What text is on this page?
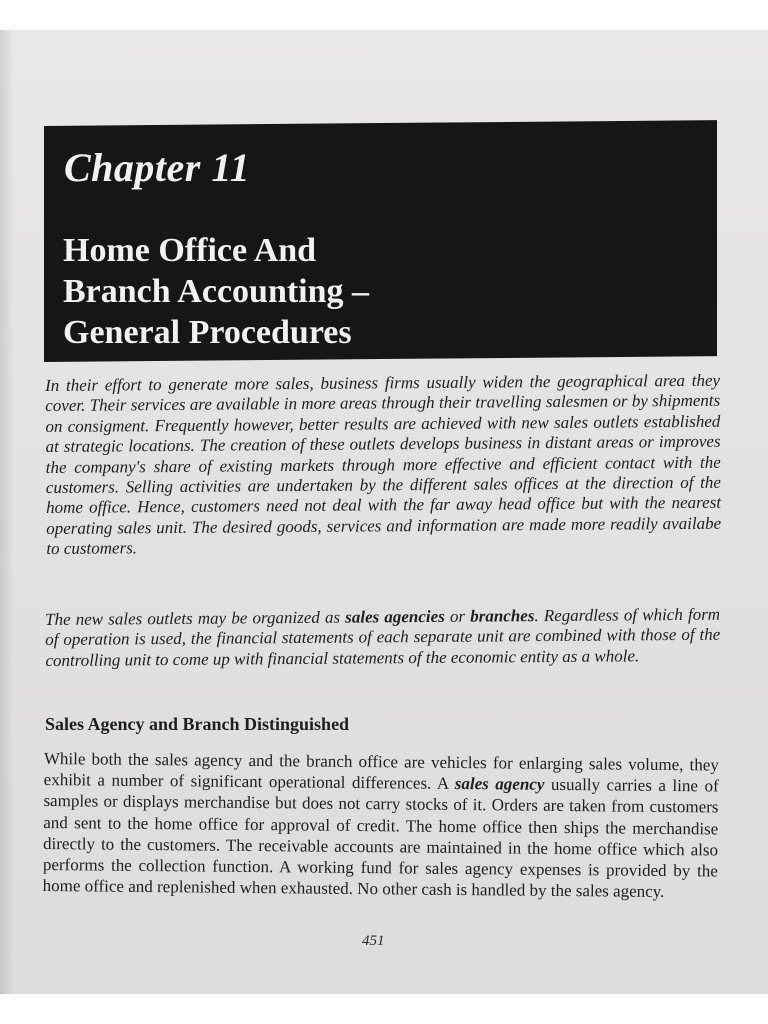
Chapter 11
Home Office And
Branch Accounting –
General Procedures

In their effort to generate more sales, business firms usually widen the geographical area they cover. Their services are available in more areas through their travelling salesmen or by shipments on consigment. Frequently however, better results are achieved with new sales outlets established at strategic locations. The creation of these outlets develops business in distant areas or improves the company's share of existing markets through more effective and efficient contact with the customers. Selling activities are undertaken by the different sales offices at the direction of the home office. Hence, customers need not deal with the far away head office but with the nearest operating sales unit. The desired goods, services and information are made more readily availabe to customers.

The new sales outlets may be organized as sales agencies or branches. Regardless of which form of operation is used, the financial statements of each separate unit are combined with those of the controlling unit to come up with financial statements of the economic entity as a whole.

Sales Agency and Branch Distinguished

While both the sales agency and the branch office are vehicles for enlarging sales volume, they exhibit a number of significant operational differences. A sales agency usually carries a line of samples or displays merchandise but does not carry stocks of it. Orders are taken from customers and sent to the home office for approval of credit. The home office then ships the merchandise directly to the customers. The receivable accounts are maintained in the home office which also performs the collection function. A working fund for sales agency expenses is provided by the home office and replenished when exhausted. No other cash is handled by the sales agency.

451
